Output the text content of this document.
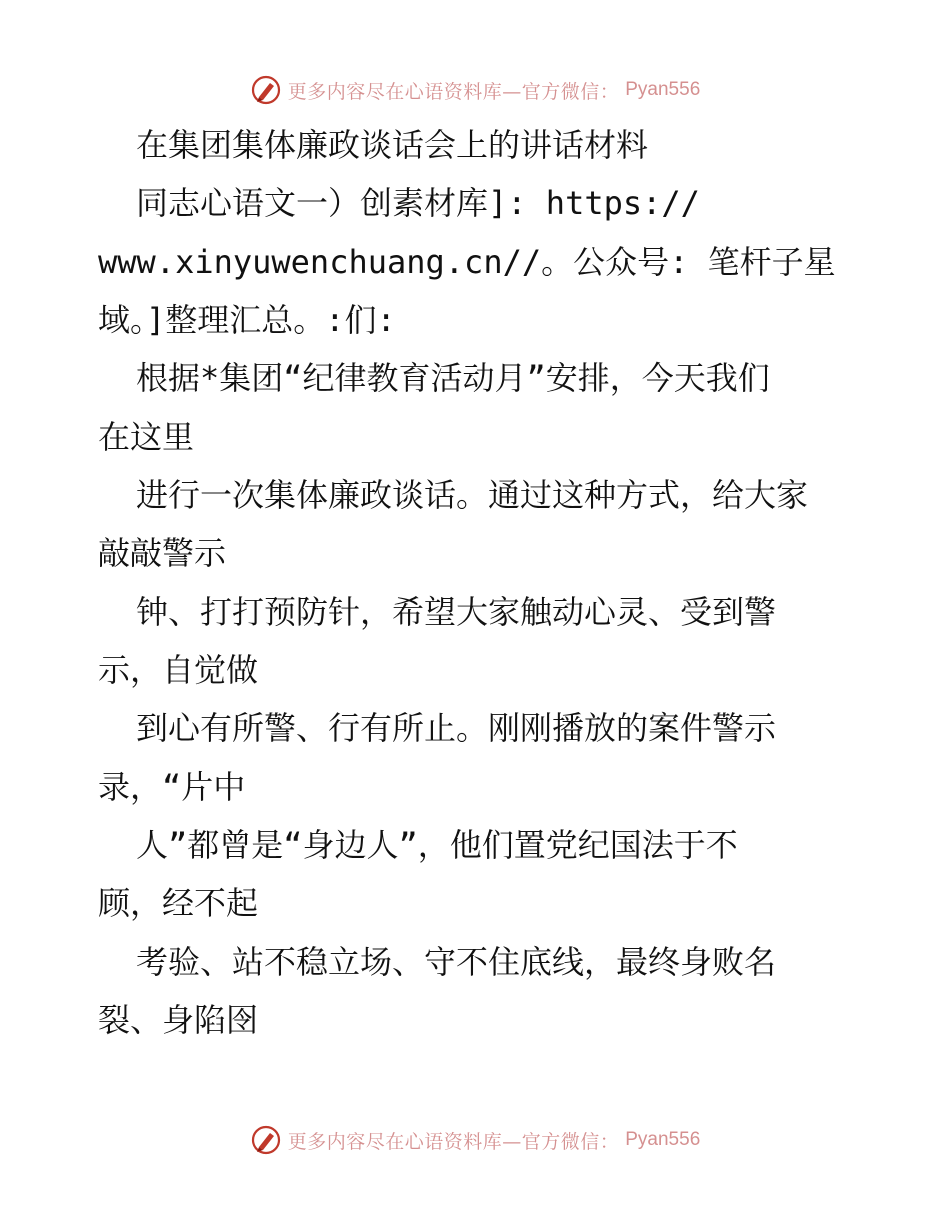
更多内容尽在心语资料库—官方微信： Pyan556
在集团集体廉政谈话会上的讲话材料
同志心语文一）创素材库]: https://
www.xinyuwenchuang.cn//。公众号: 笔杆子星
域。]整理汇总。:们:
根据*集团“纪律教育活动月”安排，今天我们
在这里
进行一次集体廉政谈话。通过这种方式，给大家
敲敲警示
钟、打打预防针，希望大家触动心灵、受到警
示，自觉做
到心有所警、行有所止。刚刚播放的案件警示
录，“片中
人”都曾是“身边人”，他们置党纪国法于不
顾，经不起
考验、站不稳立场、守不住底线，最终身败名
裂、身陷囹
更多内容尽在心语资料库—官方微信： Pyan556
